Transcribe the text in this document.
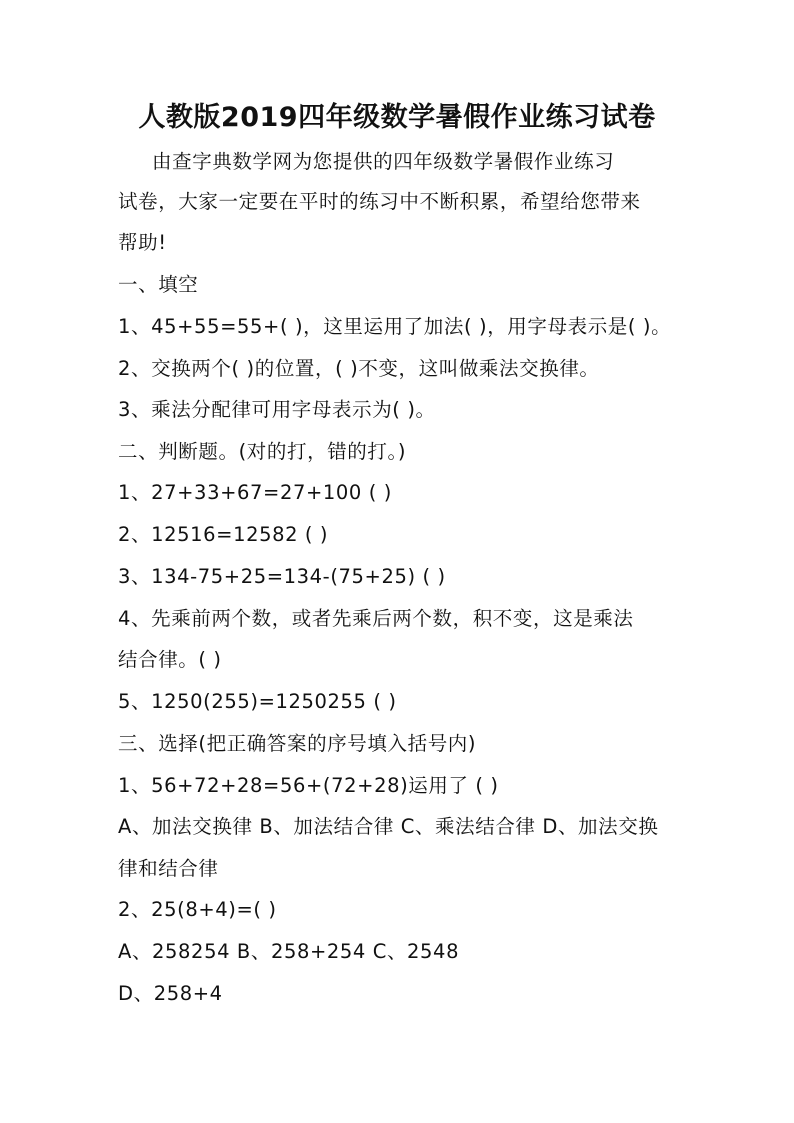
人教版2019四年级数学暑假作业练习试卷

由查字典数学网为您提供的四年级数学暑假作业练习

试卷，大家一定要在平时的练习中不断积累，希望给您带来

帮助!

一、填空

1、45+55=55+( )，这里运用了加法( )，用字母表示是( )。

2、交换两个( )的位置，( )不变，这叫做乘法交换律。

3、乘法分配律可用字母表示为( )。

二、判断题。(对的打，错的打。)

1、27+33+67=27+100 ( )

2、12516=12582 ( )

3、134-75+25=134-(75+25) ( )

4、先乘前两个数，或者先乘后两个数，积不变，这是乘法

结合律。( )

5、1250(255)=1250255 ( )

三、选择(把正确答案的序号填入括号内)

1、56+72+28=56+(72+28)运用了 ( )

A、加法交换律 B、加法结合律 C、乘法结合律 D、加法交换

律和结合律

2、25(8+4)=( )

A、258254 B、258+254 C、2548

D、258+4
